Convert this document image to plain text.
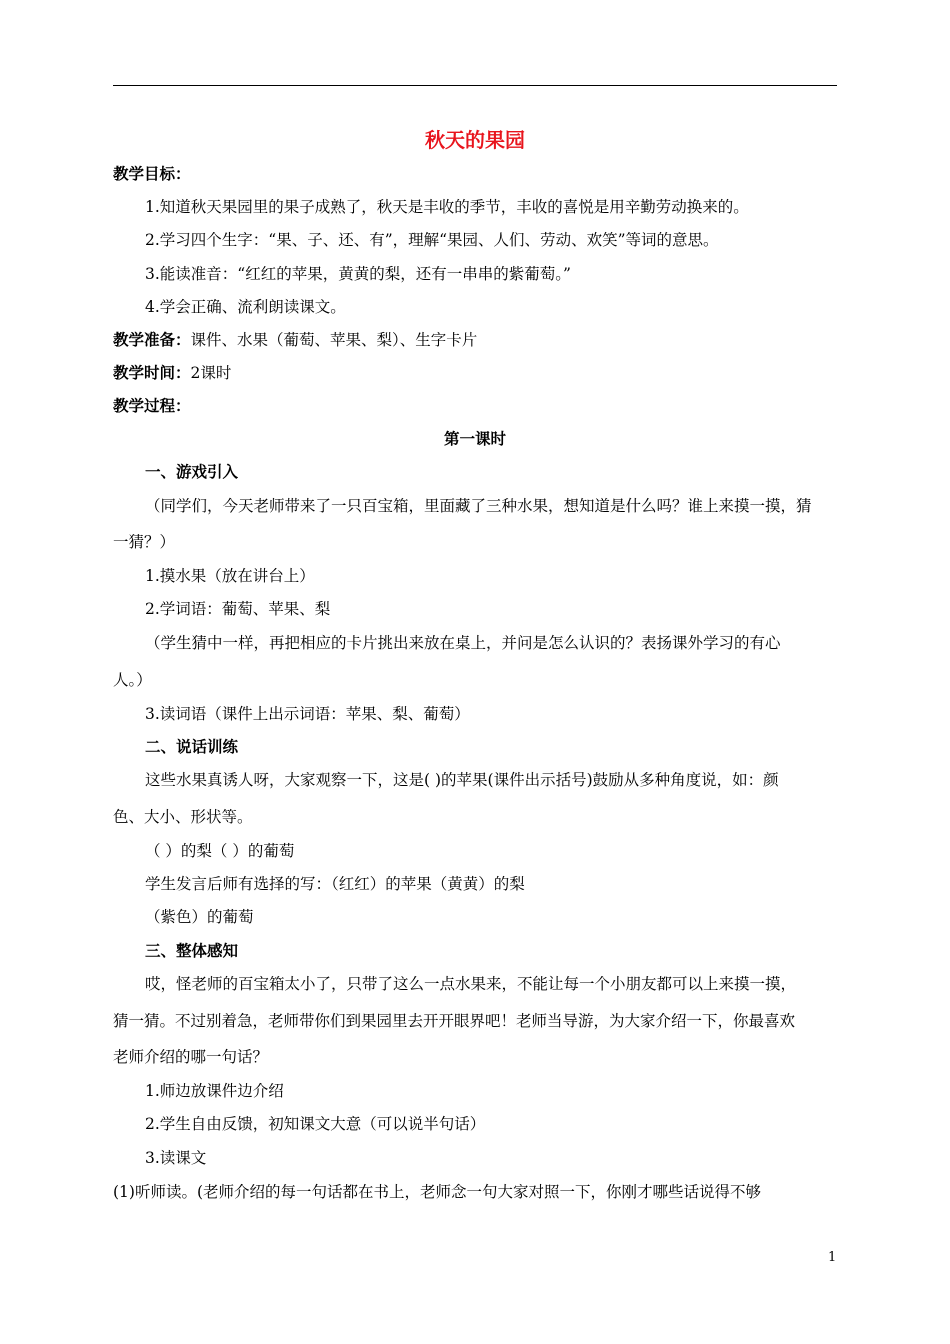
秋天的果园
教学目标：
1.知道秋天果园里的果子成熟了，秋天是丰收的季节，丰收的喜悦是用辛勤劳动换来的。
2.学习四个生字：“果、子、还、有”，理解“果园、人们、劳动、欢笑”等词的意思。
3.能读准音：“红红的苹果，黄黄的梨，还有一串串的紫葡萄。”
4.学会正确、流利朗读课文。
教学准备：课件、水果（葡萄、苹果、梨）、生字卡片
教学时间：2课时
教学过程：
第一课时
一、游戏引入
（同学们，今天老师带来了一只百宝箱，里面藏了三种水果，想知道是什么吗？谁上来摸一摸，猜
一猜？）
1.摸水果（放在讲台上）
2.学词语：葡萄、苹果、梨
（学生猜中一样，再把相应的卡片挑出来放在桌上，并问是怎么认识的？表扬课外学习的有心
人。）
3.读词语（课件上出示词语：苹果、梨、葡萄）
二、说话训练
这些水果真诱人呀，大家观察一下，这是( )的苹果(课件出示括号)鼓励从多种角度说，如：颜
色、大小、形状等。
（ ）的梨（ ）的葡萄
学生发言后师有选择的写：（红红）的苹果（黄黄）的梨
（紫色）的葡萄
三、整体感知
哎，怪老师的百宝箱太小了，只带了这么一点水果来，不能让每一个小朋友都可以上来摸一摸，
猜一猜。不过别着急，老师带你们到果园里去开开眼界吧！老师当导游，为大家介绍一下，你最喜欢
老师介绍的哪一句话？
1.师边放课件边介绍
2.学生自由反馈，初知课文大意（可以说半句话）
3.读课文
(1)听师读。(老师介绍的每一句话都在书上，老师念一句大家对照一下，你刚才哪些话说得不够
1
